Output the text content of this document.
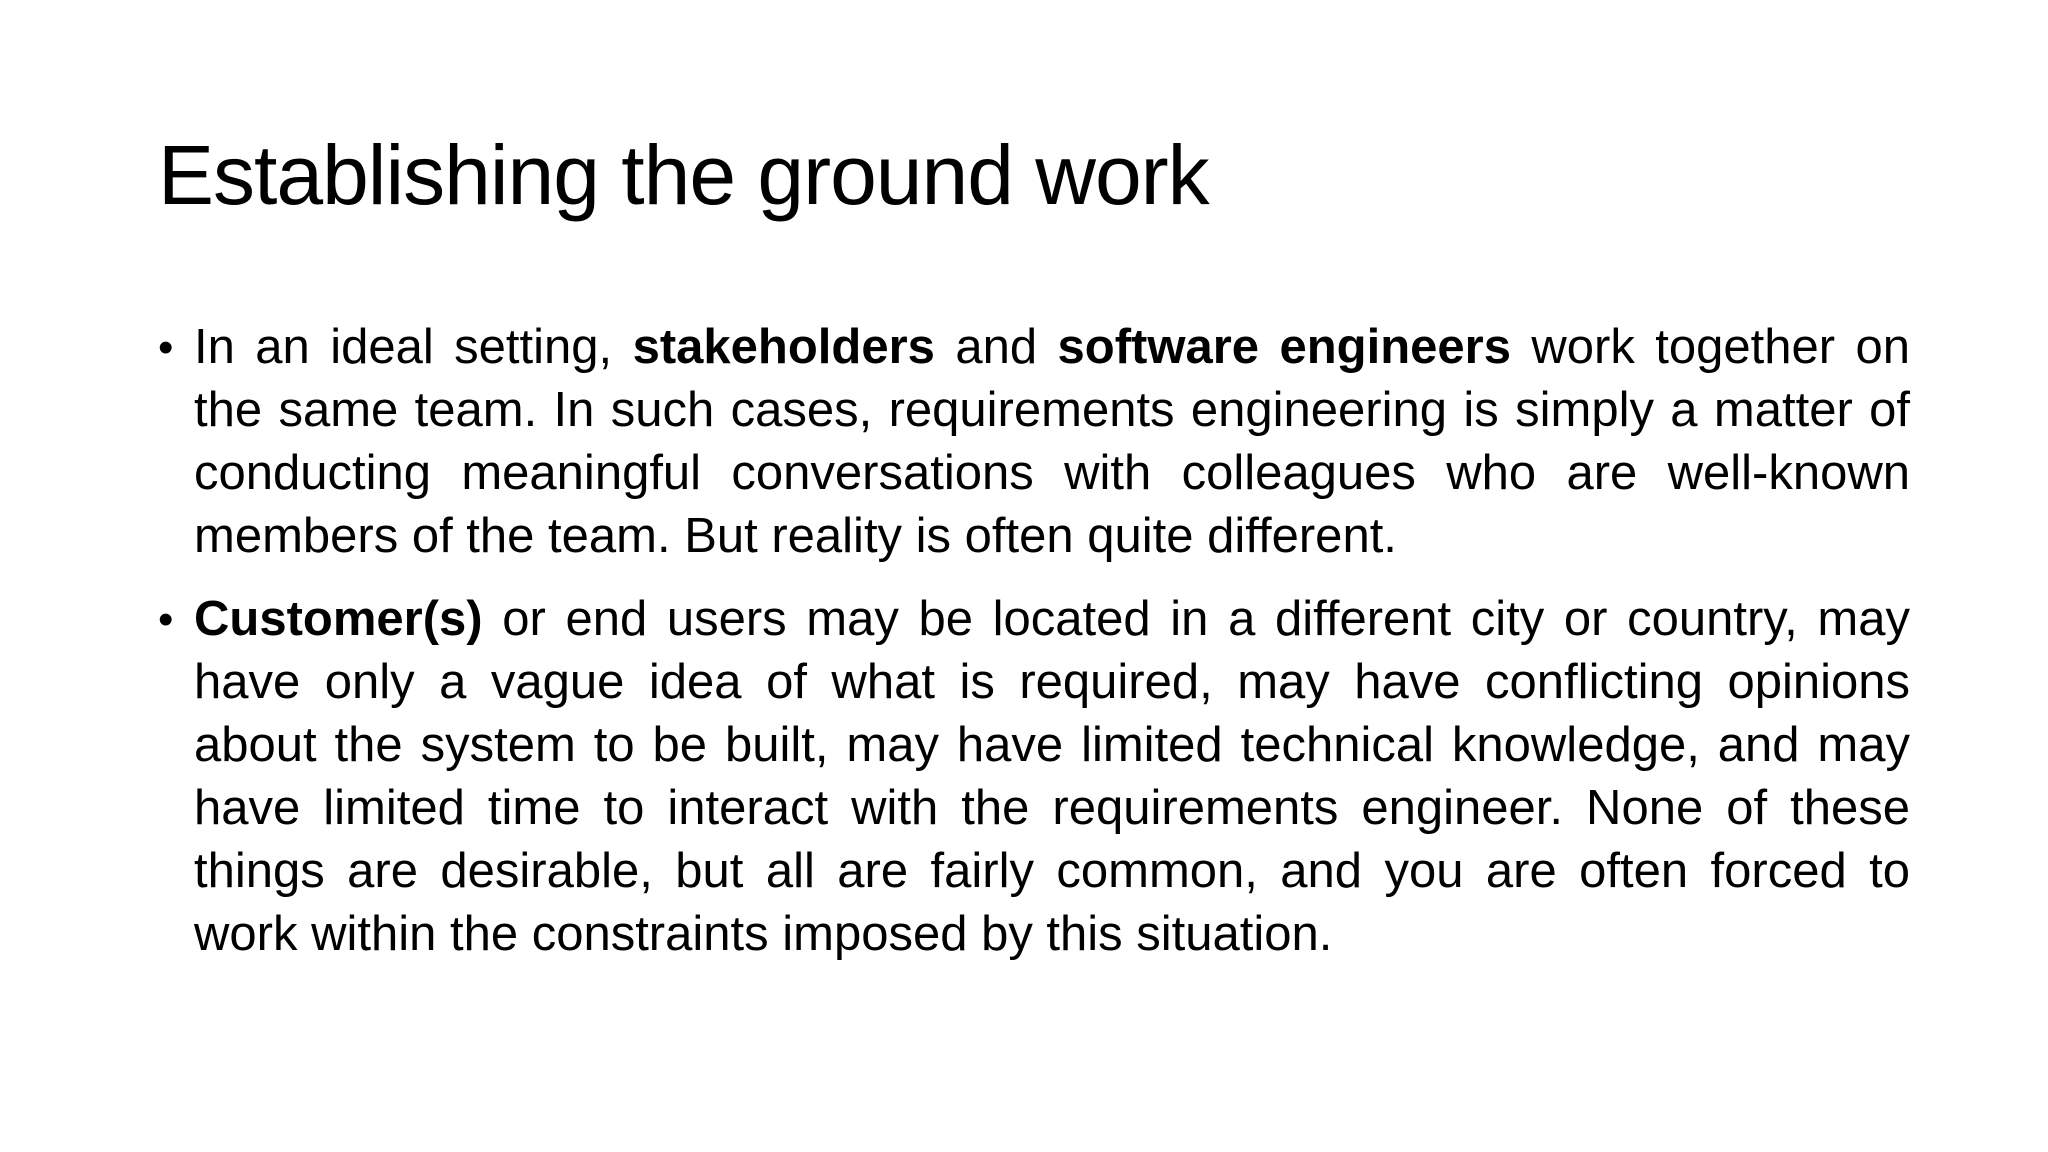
Establishing the ground work
• In an ideal setting, stakeholders and software engineers work together on the same team. In such cases, requirements engineering is simply a matter of conducting meaningful conversations with colleagues who are well-known members of the team. But reality is often quite different.
• Customer(s) or end users may be located in a different city or country, may have only a vague idea of what is required, may have conflicting opinions about the system to be built, may have limited technical knowledge, and may have limited time to interact with the requirements engineer. None of these things are desirable, but all are fairly common, and you are often forced to work within the constraints imposed by this situation.
